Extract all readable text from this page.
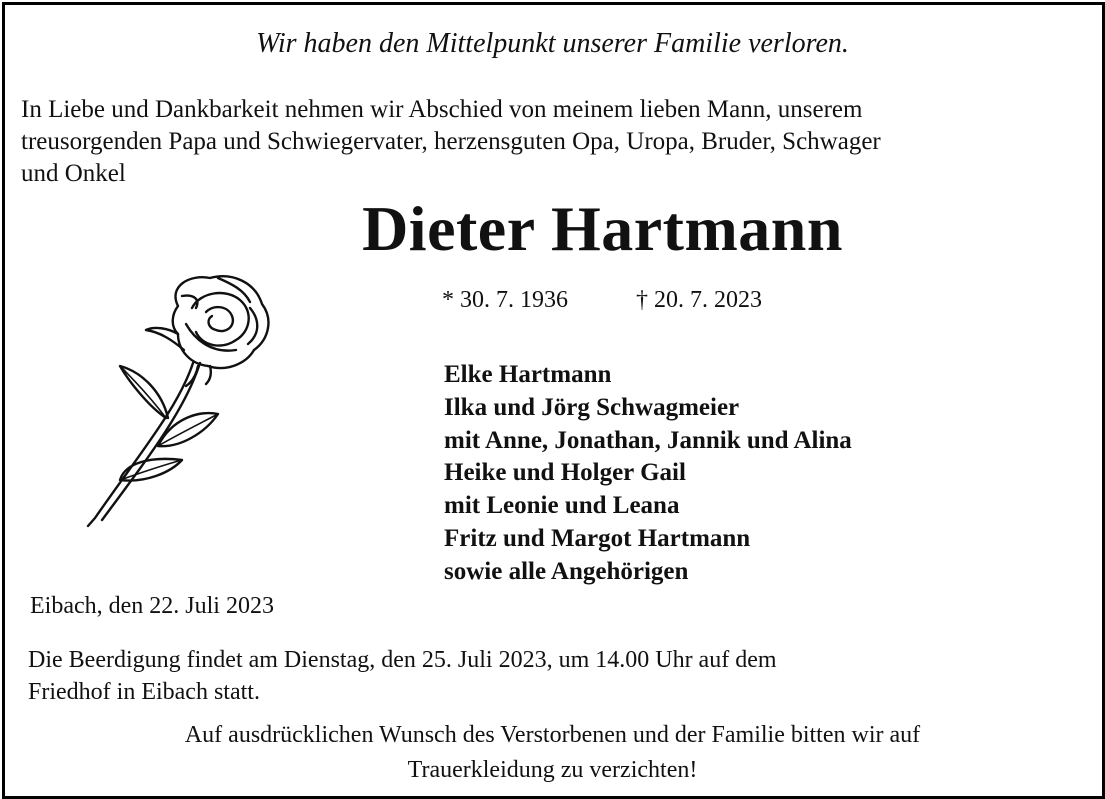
Wir haben den Mittelpunkt unserer Familie verloren.
In Liebe und Dankbarkeit nehmen wir Abschied von meinem lieben Mann, unserem
treusorgenden Papa und Schwiegervater, herzensguten Opa, Uropa, Bruder, Schwager
und Onkel
Dieter Hartmann
* 30. 7. 1936	† 20. 7. 2023
Elke Hartmann
Ilka und Jörg Schwagmeier
mit Anne, Jonathan, Jannik und Alina
Heike und Holger Gail
mit Leonie und Leana
Fritz und Margot Hartmann
sowie alle Angehörigen
Eibach, den 22. Juli 2023
Die Beerdigung findet am Dienstag, den 25. Juli 2023, um 14.00 Uhr auf dem
Friedhof in Eibach statt.
Auf ausdrücklichen Wunsch des Verstorbenen und der Familie bitten wir auf
Trauerkleidung zu verzichten!
